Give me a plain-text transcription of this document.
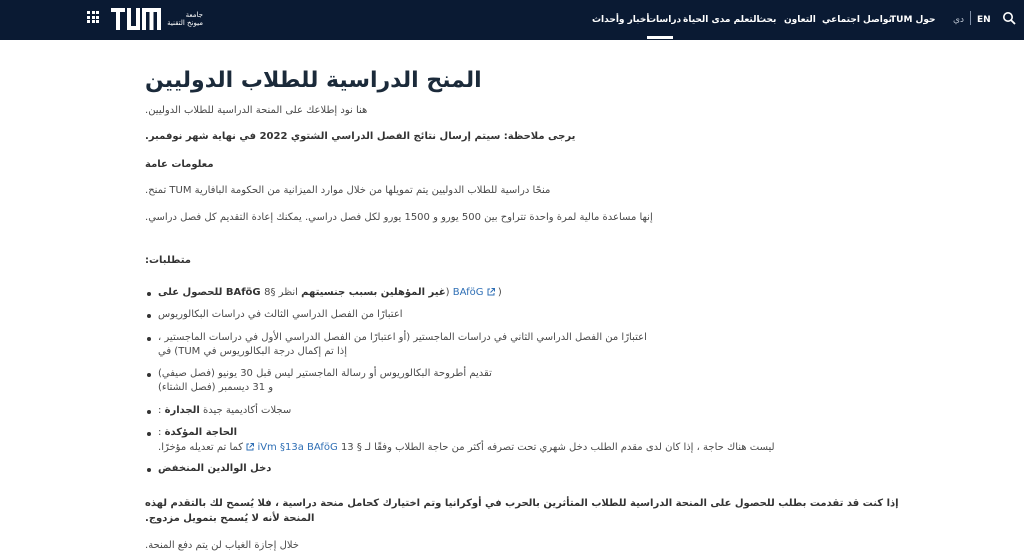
جامعة
ميونخ التقنية	أخبار وأحداث
دراسات التعلم مدى الحياة
بحث التعاون تواصل اجتماعي
TUM حول دي EN
المنح الدراسية للطلاب الدوليين
.هنا نود إطلاعك على المنحة الدراسية للطلاب الدوليين
.يرجى ملاحظة: سيتم إرسال نتائج الفصل الدراسي الشتوي 2022 في نهاية شهر نوفمبر
معلومات عامة
.تمنح TUM منحًا دراسية للطلاب الدوليين يتم تمويلها من خلال موارد الميزانية من الحكومة البافارية
.إنها مساعدة مالية لمرة واحدة تتراوح بين 500 يورو و 1500 يورو لكل فصل دراسي. يمكنك إعادة التقديم كل فصل دراسي
:متطلبات
للحصول على BAföG غير المؤهلين بسبب جنسيتهم انظر §8) BAföG )
اعتبارًا من الفصل الدراسي الثالث في دراسات البكالوريوس
، اعتبارًا من الفصل الدراسي الثاني في دراسات الماجستير (أو اعتبارًا من الفصل الدراسي الأول في دراسات الماجستير
في (TUM إذا تم إكمال درجة البكالوريوس في
تقديم أطروحة البكالوريوس أو رسالة الماجستير ليس قبل 30 يونيو (فصل صيفي)
و 31 ديسمبر (فصل الشتاء)
: سجلات أكاديمية جيدة الجدارة
: الحاجة المؤكدة
.كما تم تعديله مؤخرًا iVm §13a BAföG ليست هناك حاجة ، إذا كان لدى مقدم الطلب دخل شهري تحت تصرفه أكثر من حاجة الطلاب وفقًا لـ § 13
دخل الوالدين المنخفض
إذا كنت قد تقدمت بطلب للحصول على المنحة الدراسية للطلاب المتأثرين بالحرب في أوكرانيا وتم اختيارك كحامل منحة دراسية ، فلا يُسمح لك بالتقدم لهذه
.المنحة لأنه لا يُسمح بتمويل مزدوج
.خلال إجازة الغياب لن يتم دفع المنحة
